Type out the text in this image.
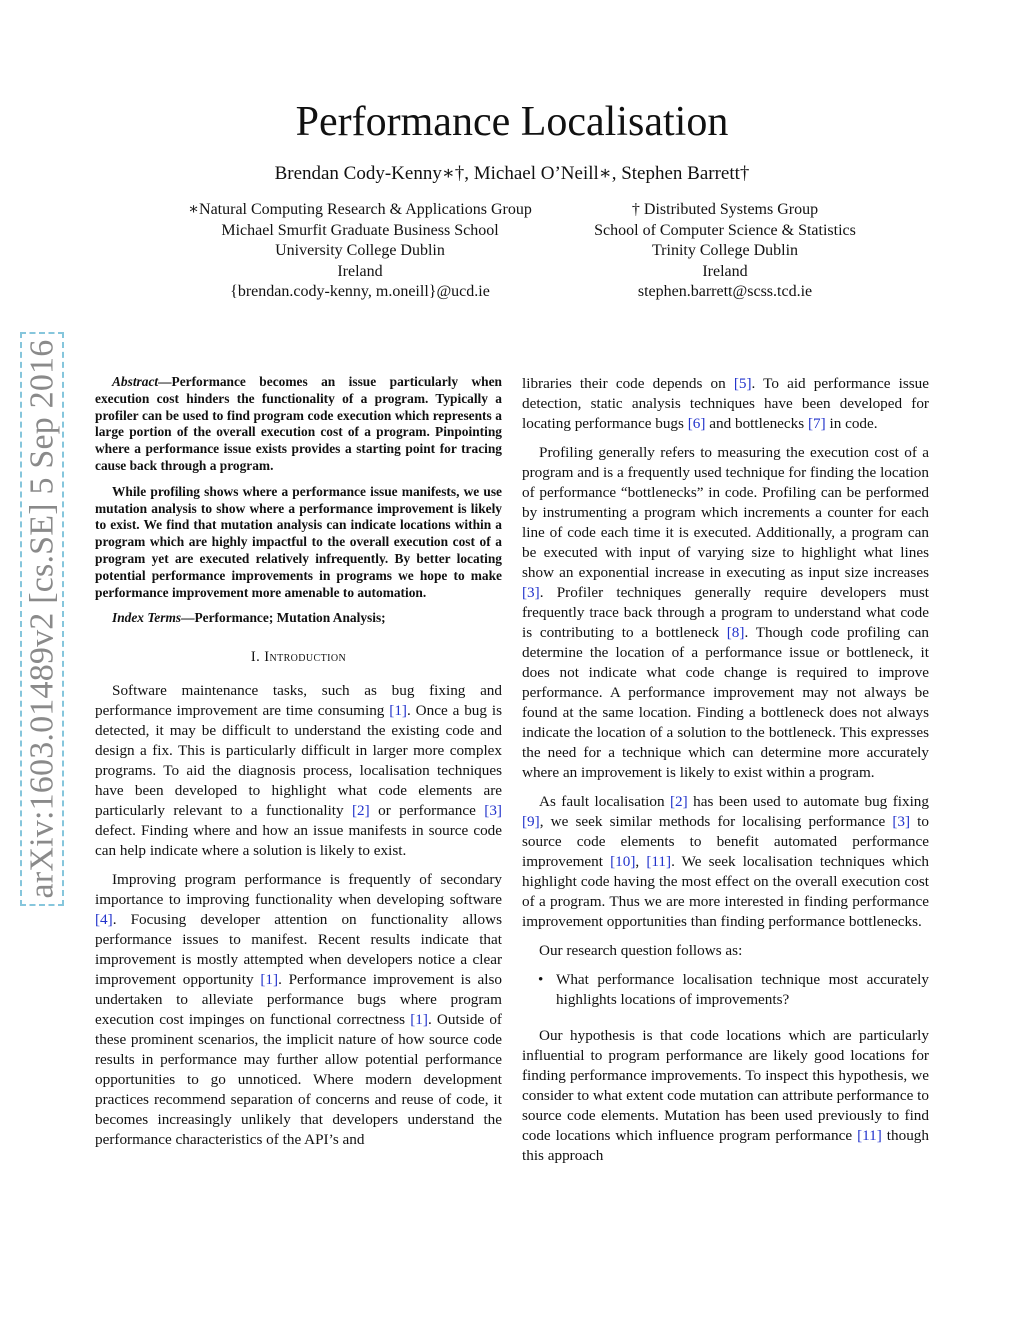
arXiv:1603.01489v2 [cs.SE] 5 Sep 2016
Performance Localisation
Brendan Cody-Kenny∗†, Michael O’Neill∗, Stephen Barrett†
∗Natural Computing Research & Applications Group
Michael Smurfit Graduate Business School
University College Dublin
Ireland
{brendan.cody-kenny, m.oneill}@ucd.ie
† Distributed Systems Group
School of Computer Science & Statistics
Trinity College Dublin
Ireland
stephen.barrett@scss.tcd.ie

Abstract—Performance becomes an issue particularly when execution cost hinders the functionality of a program. Typically a profiler can be used to find program code execution which represents a large portion of the overall execution cost of a program. Pinpointing where a performance issue exists provides a starting point for tracing cause back through a program.

While profiling shows where a performance issue manifests, we use mutation analysis to show where a performance improvement is likely to exist. We find that mutation analysis can indicate locations within a program which are highly impactful to the overall execution cost of a program yet are executed relatively infrequently. By better locating potential performance improvements in programs we hope to make performance improvement more amenable to automation.

Index Terms—Performance; Mutation Analysis;

I. Introduction

Software maintenance tasks, such as bug fixing and performance improvement are time consuming [1]. Once a bug is detected, it may be difficult to understand the existing code and design a fix. This is particularly difficult in larger more complex programs. To aid the diagnosis process, localisation techniques have been developed to highlight what code elements are particularly relevant to a functionality [2] or performance [3] defect. Finding where and how an issue manifests in source code can help indicate where a solution is likely to exist.

Improving program performance is frequently of secondary importance to improving functionality when developing software [4]. Focusing developer attention on functionality allows performance issues to manifest. Recent results indicate that improvement is mostly attempted when developers notice a clear improvement opportunity [1]. Performance improvement is also undertaken to alleviate performance bugs where program execution cost impinges on functional correctness [1]. Outside of these prominent scenarios, the implicit nature of how source code results in performance may further allow potential performance opportunities to go unnoticed. Where modern development practices recommend separation of concerns and reuse of code, it becomes increasingly unlikely that developers understand the performance characteristics of the API’s and

libraries their code depends on [5]. To aid performance issue detection, static analysis techniques have been developed for locating performance bugs [6] and bottlenecks [7] in code.

Profiling generally refers to measuring the execution cost of a program and is a frequently used technique for finding the location of performance “bottlenecks” in code. Profiling can be performed by instrumenting a program which increments a counter for each line of code each time it is executed. Additionally, a program can be executed with input of varying size to highlight what lines show an exponential increase in executing as input size increases [3]. Profiler techniques generally require developers must frequently trace back through a program to understand what code is contributing to a bottleneck [8]. Though code profiling can determine the location of a performance issue or bottleneck, it does not indicate what code change is required to improve performance. A performance improvement may not always be found at the same location. Finding a bottleneck does not always indicate the location of a solution to the bottleneck. This expresses the need for a technique which can determine more accurately where an improvement is likely to exist within a program.

As fault localisation [2] has been used to automate bug fixing [9], we seek similar methods for localising performance [3] to source code elements to benefit automated performance improvement [10], [11]. We seek localisation techniques which highlight code having the most effect on the overall execution cost of a program. Thus we are more interested in finding performance improvement opportunities than finding performance bottlenecks.

Our research question follows as:

• What performance localisation technique most accurately highlights locations of improvements?

Our hypothesis is that code locations which are particularly influential to program performance are likely good locations for finding performance improvements. To inspect this hypothesis, we consider to what extent code mutation can attribute performance to source code elements. Mutation has been used previously to find code locations which influence program performance [11] though this approach
